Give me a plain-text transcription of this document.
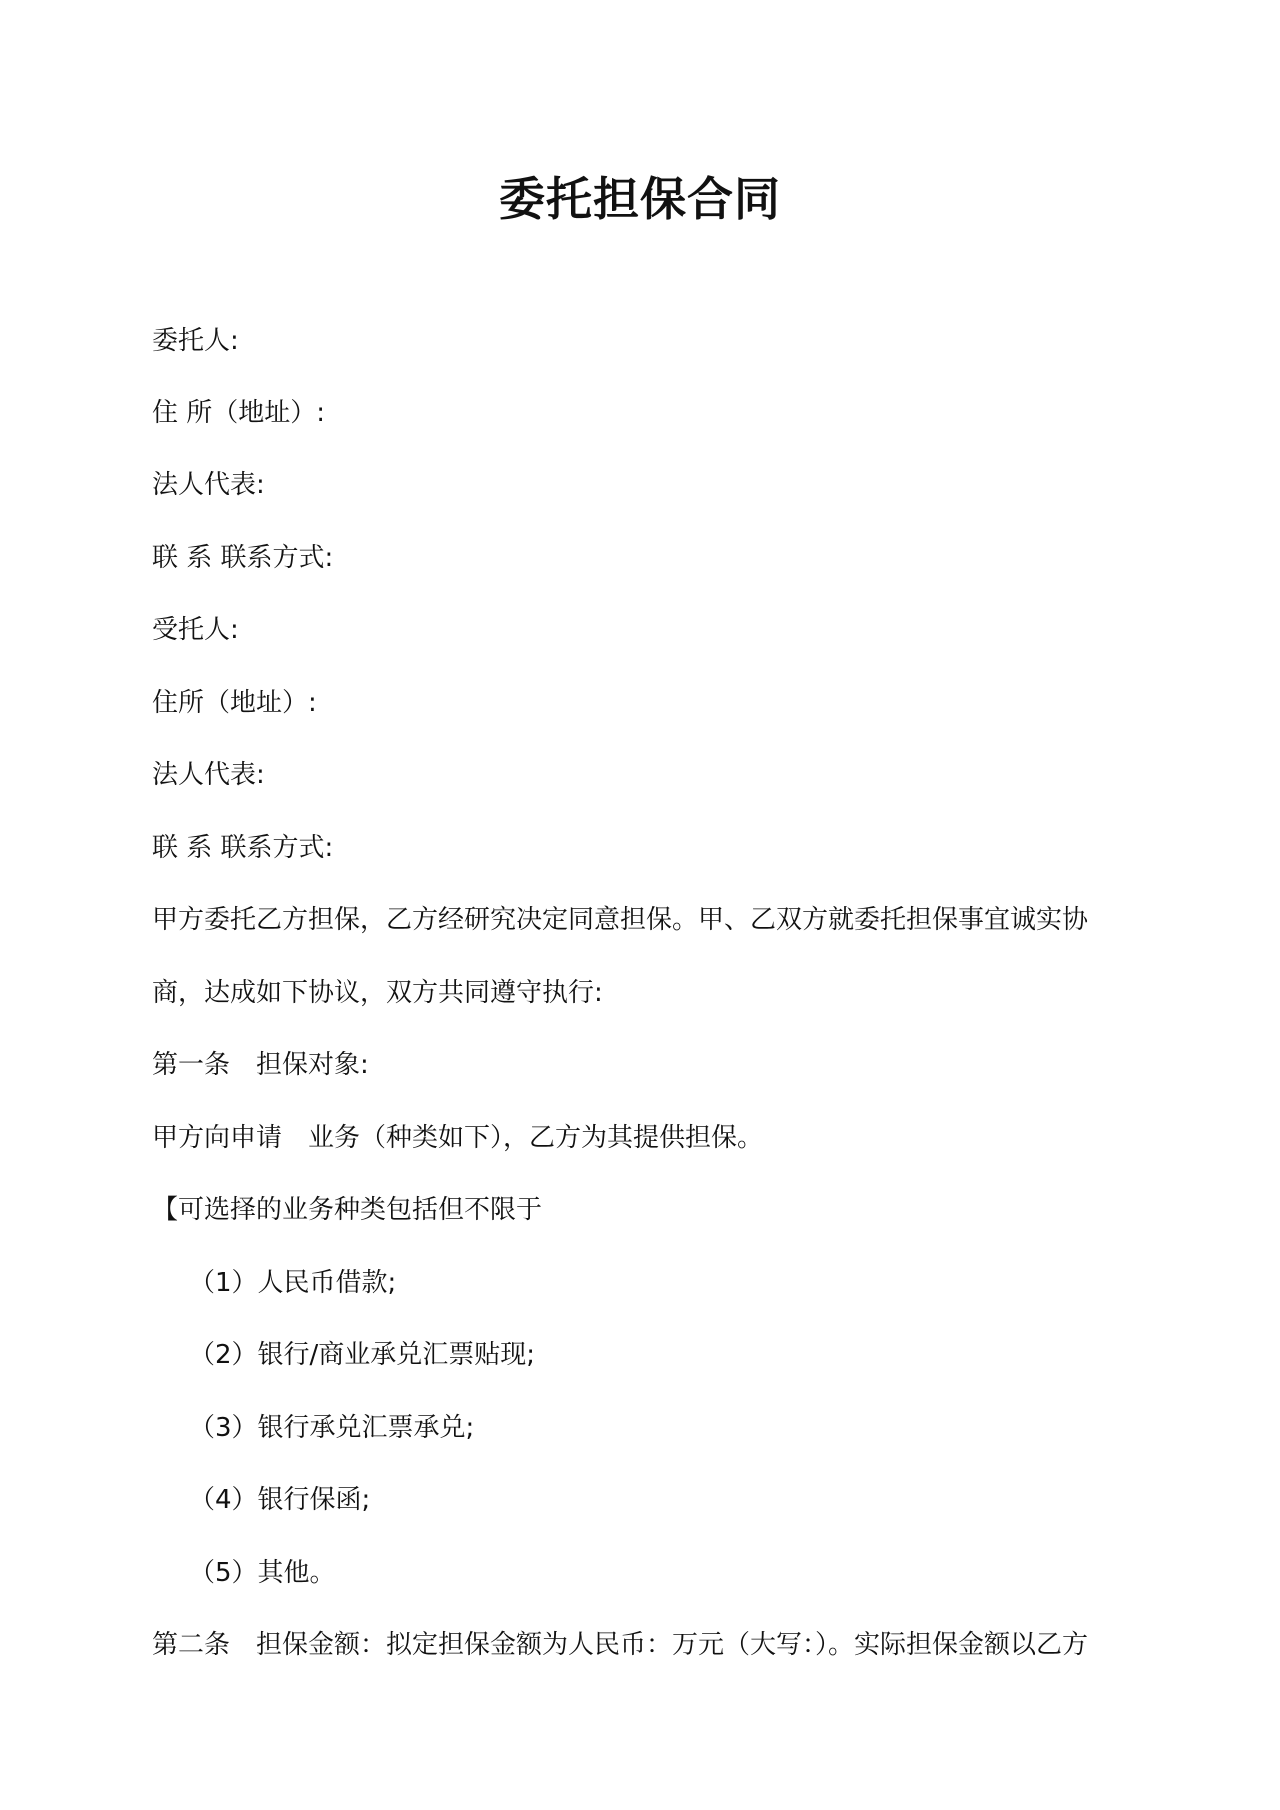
委托担保合同
委托人:
住 所（地址）:
法人代表:
联 系 联系方式:
受托人:
住所（地址）:
法人代表:
联 系 联系方式:
甲方委托乙方担保，乙方经研究决定同意担保。甲、乙双方就委托担保事宜诚实协
商，达成如下协议，双方共同遵守执行:
第一条　担保对象:
甲方向申请　业务（种类如下），乙方为其提供担保。
【可选择的业务种类包括但不限于
（1）人民币借款;
（2）银行/商业承兑汇票贴现;
（3）银行承兑汇票承兑;
（4）银行保函;
（5）其他。
第二条　担保金额：拟定担保金额为人民币：万元（大写：）。实际担保金额以乙方
